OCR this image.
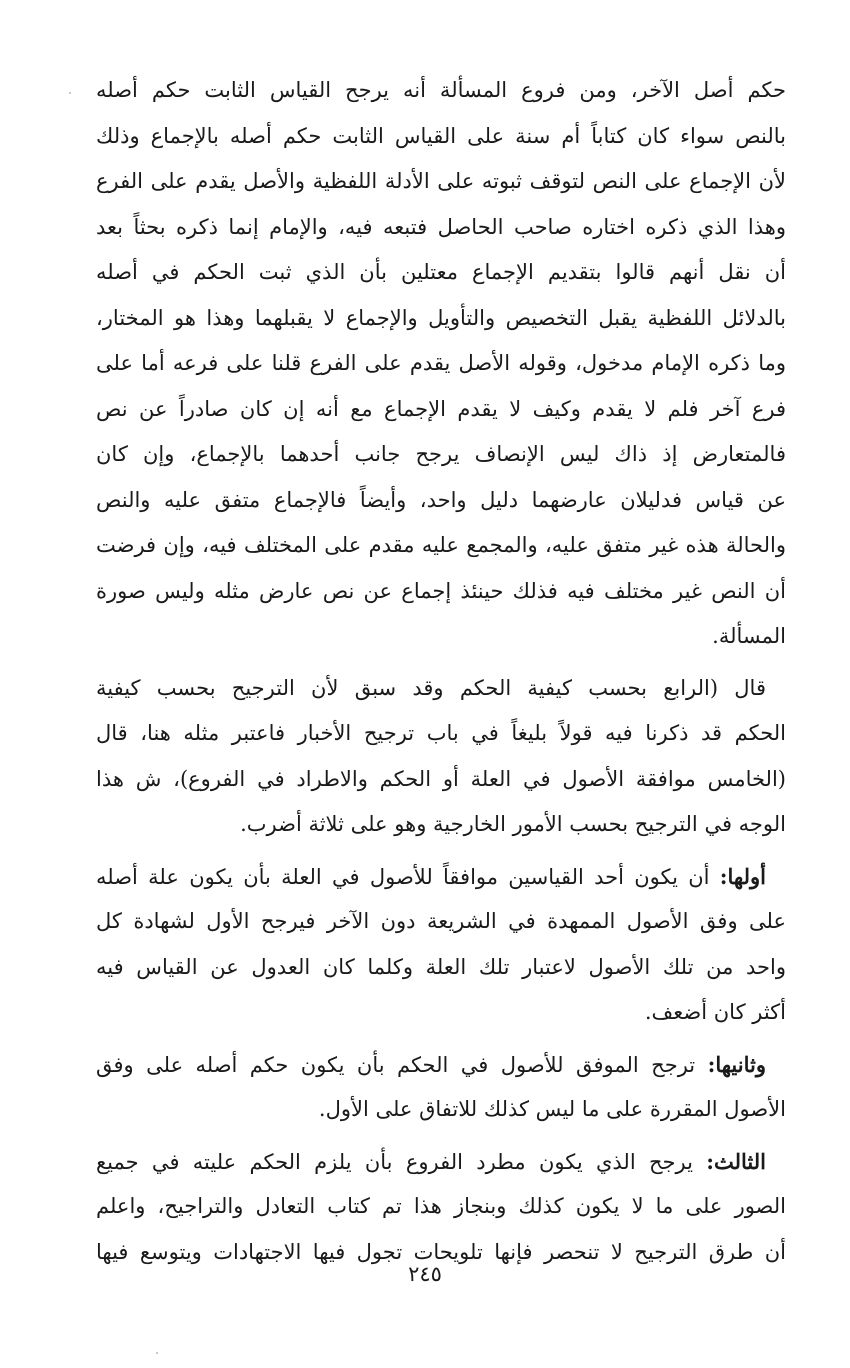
حكم أصل الآخر، ومن فروع المسألة أنه يرجح القياس الثابت حكم أصله
بالنص سواء كان كتاباً أم سنة على القياس الثابت حكم أصله بالإجماع وذلك
لأن الإجماع على النص لتوقف ثبوته على الأدلة اللفظية والأصل يقدم على الفرع
وهذا الذي ذكره اختاره صاحب الحاصل فتبعه فيه، والإمام إنما ذكره بحثاً بعد
أن نقل أنهم قالوا بتقديم الإجماع معتلين بأن الذي ثبت الحكم في أصله
بالدلائل اللفظية يقبل التخصيص والتأويل والإجماع لا يقبلهما وهذا هو المختار،
وما ذكره الإمام مدخول، وقوله الأصل يقدم على الفرع قلنا على فرعه أما على
فرع آخر فلم لا يقدم وكيف لا يقدم الإجماع مع أنه إن كان صادراً عن نص
فالمتعارض إذ ذاك ليس الإنصاف يرجح جانب أحدهما بالإجماع، وإن كان
عن قياس فدليلان عارضهما دليل واحد، وأيضاً فالإجماع متفق عليه والنص
والحالة هذه غير متفق عليه، والمجمع عليه مقدم على المختلف فيه، وإن فرضت
أن النص غير مختلف فيه فذلك حينئذ إجماع عن نص عارض مثله وليس صورة
المسألة.
قال (الرابع بحسب كيفية الحكم وقد سبق لأن الترجيح بحسب كيفية
الحكم قد ذكرنا فيه قولاً بليغاً في باب ترجيح الأخبار فاعتبر مثله هنا، قال
(الخامس موافقة الأصول في العلة أو الحكم والاطراد في الفروع)، ش هذا
الوجه في الترجيح بحسب الأمور الخارجية وهو على ثلاثة أضرب.
أولها: أن يكون أحد القياسين موافقاً للأصول في العلة بأن يكون علة أصله
على وفق الأصول الممهدة في الشريعة دون الآخر فيرجح الأول لشهادة كل
واحد من تلك الأصول لاعتبار تلك العلة وكلما كان العدول عن القياس فيه
أكثر كان أضعف.
وثانيها: ترجح الموفق للأصول في الحكم بأن يكون حكم أصله على وفق
الأصول المقررة على ما ليس كذلك للاتفاق على الأول.
الثالث: يرجح الذي يكون مطرد الفروع بأن يلزم الحكم عليته في جميع
الصور على ما لا يكون كذلك وبنجاز هذا تم كتاب التعادل والتراجيح، واعلم
أن طرق الترجيح لا تنحصر فإنها تلويحات تجول فيها الاجتهادات ويتوسع فيها
٢٤٥
